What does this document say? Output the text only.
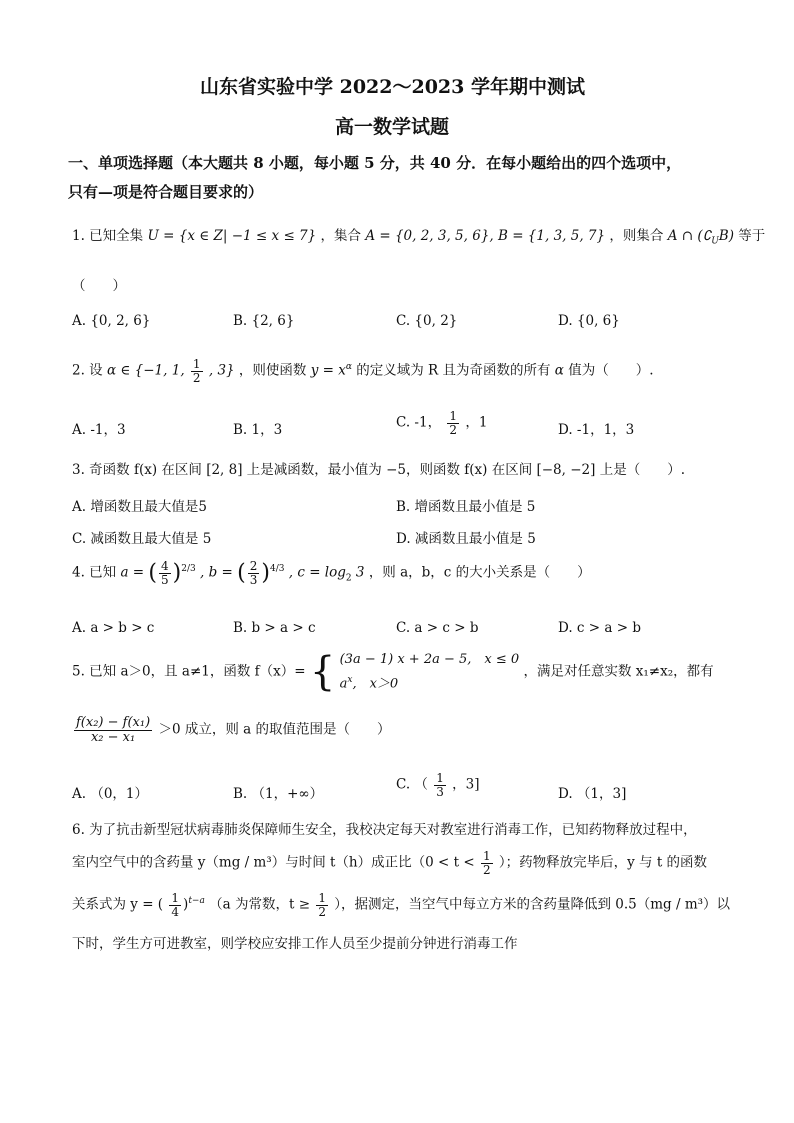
山东省实验中学 2022～2023 学年期中测试
高一数学试题
一、单项选择题（本大题共 8 小题，每小题 5 分，共 40 分．在每小题给出的四个选项中，
只有—项是符合题目要求的）
1. 已知全集 U = {x ∈ Z| −1 ≤ x ≤ 7} ，集合 A = {0, 2, 3, 5, 6}, B = {1, 3, 5, 7} ，则集合 A ∩ $(∁_UB)$ 等于
（　　）
A. {0, 2, 6}	B. {2, 6}	C. {0, 2}	D. {0, 6}
2. 设 α ∈ {−1, 1, $\frac{1}{2}$ , 3} ，则使函数 $y = x^\alpha$ 的定义域为 R 且为奇函数的所有 α 值为（　　）.
A. -1，3	B. 1，3	C. -1， $\frac{1}{2}$ ，1	D. -1，1，3
3. 奇函数 f(x) 在区间 [2, 8] 上是减函数，最小值为 −5，则函数 f(x) 在区间 [−8, −2] 上是（　　）.
A. 增函数且最大值是5	B. 增函数且最小值是 5
C. 减函数且最大值是 5	D. 减函数且最小值是 5
4. 已知 a = ( $\frac{4}{5} )^{2/3}$ , b = ( $\frac{2}{3} )^{4/3}$ , $c = \log_2 3$ ，则 a，b，c 的大小关系是（　　）
A. a > b > c	B. b > a > c	C. a > c > b	D. c > a > b
5. 已知 a＞0，且 a≠1，函数 f（x）= { (3a − 1) x + 2a − 5,　x ≤ 0
$a^x$,　x＞0 ，满足对任意实数 x₁≠x₂，都有
$\frac{\text{f(x₂) − f(x₁)}}{\text{x₂ − x₁}} >0$ 成立，则 a 的取值范围是（　　）
A. （0，1）	B. （1，+∞）
C. （ $\frac{1}{3}$ ，3]
D. （1，3]
6. 为了抗击新型冠状病毒肺炎保障师生安全，我校决定每天对教室进行消毒工作，已知药物释放过程中，
室内空气中的含药量 y（mg / m³）与时间 t（h）成正比（$0 < t < \frac{1}{2}$ ）；药物释放完毕后，y 与 t 的函数
关系式为 y = ( $\frac{1}{4} )^{t-a}$ （a 为常数，$t \ge \frac{1}{2}$ ），据测定，当空气中每立方米的含药量降低到 0.5（mg / m³）以
下时，学生方可进教室，则学校应安排工作人员至少提前分钟进行消毒工作
